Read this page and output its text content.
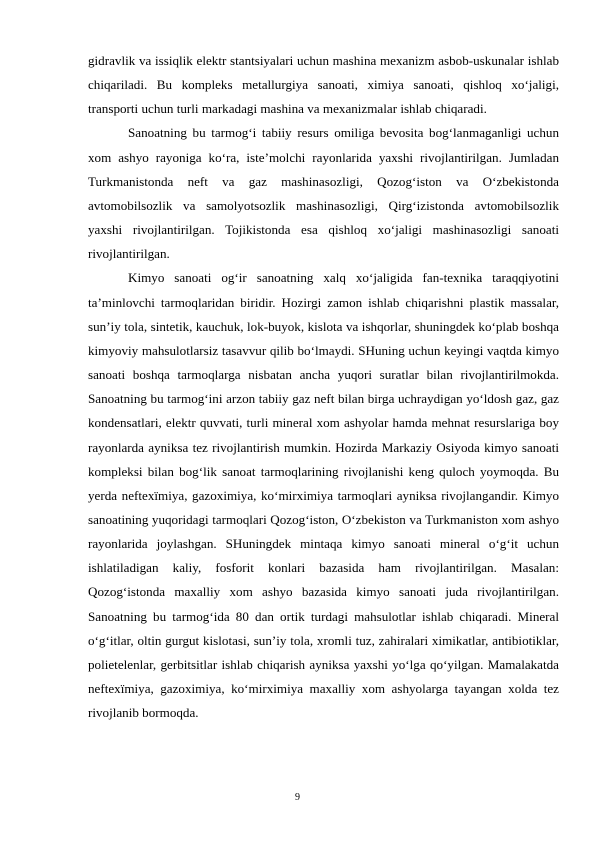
gidravlik va issiqlik elektr stantsiyalari uchun mashina mexanizm asbob-uskunalar ishlab chiqariladi. Bu kompleks metallurgiya sanoati, ximiya sanoati, qishloq xo‘jaligi, transporti uchun turli markadagi mashina va mexanizmalar ishlab chiqaradi.

Sanoatning bu tarmog‘i tabiiy resurs omiliga bevosita bog‘lanmaganligi uchun xom ashyo rayoniga ko‘ra, iste’molchi rayonlarida yaxshi rivojlantirilgan. Jumladan Turkmanistonda neft va gaz mashinasozligi, Qozog‘iston va O‘zbekistonda avtomobilsozlik va samolyotsozlik mashinasozligi, Qirg‘izistonda avtomobilsozlik yaxshi rivojlantirilgan. Tojikistonda esa qishloq xo‘jaligi mashinasozligi sanoati rivojlantirilgan.

Kimyo sanoati og‘ir sanoatning xalq xo‘jaligida fan-texnika taraqqiyotini ta’minlovchi tarmoqlaridan biridir. Hozirgi zamon ishlab chiqarishni plastik massalar, sun’iy tola, sintetik, kauchuk, lok-buyok, kislota va ishqorlar, shuningdek ko‘plab boshqa kimyoviy mahsulotlarsiz tasavvur qilib bo‘lmaydi. SHuning uchun keyingi vaqtda kimyo sanoati boshqa tarmoqlarga nisbatan ancha yuqori suratlar bilan rivojlantirilmokda. Sanoatning bu tarmog‘ini arzon tabiiy gaz neft bilan birga uchraydigan yo‘ldosh gaz, gaz kondensatlari, elektr quvvati, turli mineral xom ashyolar hamda mehnat resurslariga boy rayonlarda ayniksa tez rivojlantirish mumkin. Hozirda Markaziy Osiyoda kimyo sanoati kompleksi bilan bog‘lik sanoat tarmoqlarining rivojlanishi keng quloch yoymoqda. Bu yerda neftexïmiya, gazoximiya, ko‘mirximiya tarmoqlari ayniksa rivojlangandir. Kimyo sanoatining yuqoridagi tarmoqlari Qozog‘iston, O‘zbekiston va Turkmaniston xom ashyo rayonlarida joylashgan. SHuningdek mintaqa kimyo sanoati mineral o‘g‘it uchun ishlatiladigan kaliy, fosforit konlari bazasida ham rivojlantirilgan. Masalan: Qozog‘istonda maxalliy xom ashyo bazasida kimyo sanoati juda rivojlantirilgan. Sanoatning bu tarmog‘ida 80 dan ortik turdagi mahsulotlar ishlab chiqaradi. Mineral o‘g‘itlar, oltin gurgut kislotasi, sun’iy tola, xromli tuz, zahiralari ximikatlar, antibiotiklar, polietelenlar, gerbitsitlar ishlab chiqarish ayniksa yaxshi yo‘lga qo‘yilgan. Mamalakatda neftexïmiya, gazoximiya, ko‘mirximiya maxalliy xom ashyolarga tayangan xolda tez rivojlanib bormoqda.

9
